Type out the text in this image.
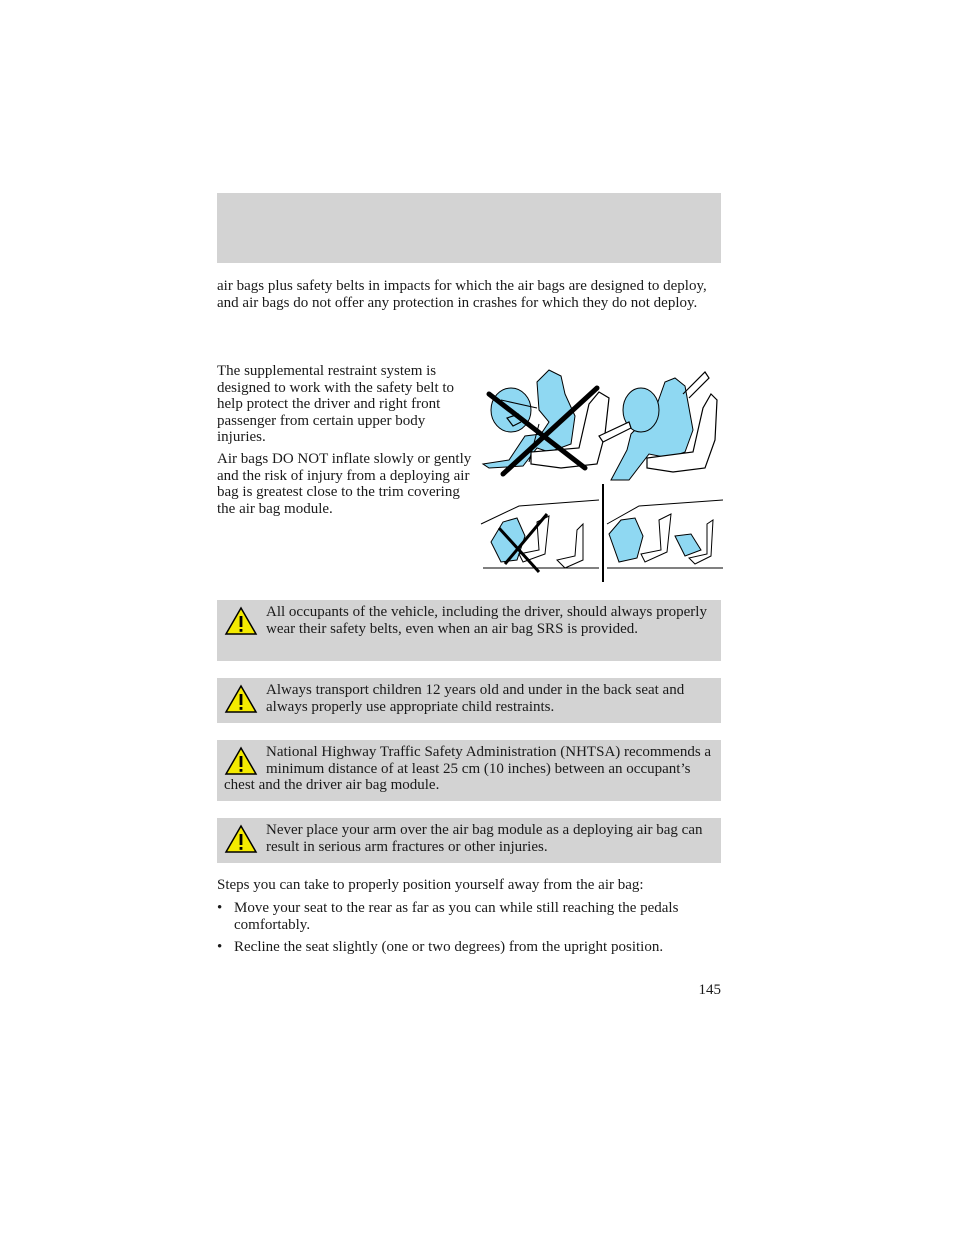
air bags plus safety belts in impacts for which the air bags are designed to deploy, and air bags do not offer any protection in crashes for which they do not deploy.
The supplemental restraint system is designed to work with the safety belt to help protect the driver and right front passenger from certain upper body injuries.
Air bags DO NOT inflate slowly or gently and the risk of injury from a deploying air bag is greatest close to the trim covering the air bag module.
All occupants of the vehicle, including the driver, should always properly wear their safety belts, even when an air bag SRS is provided.
Always transport children 12 years old and under in the back seat and always properly use appropriate child restraints.
National Highway Traffic Safety Administration (NHTSA) recommends a minimum distance of at least 25 cm (10 inches) between an occupant’s chest and the driver air bag module.
Never place your arm over the air bag module as a deploying air bag can result in serious arm fractures or other injuries.
Steps you can take to properly position yourself away from the air bag:
• Move your seat to the rear as far as you can while still reaching the pedals comfortably.
• Recline the seat slightly (one or two degrees) from the upright position.
145
